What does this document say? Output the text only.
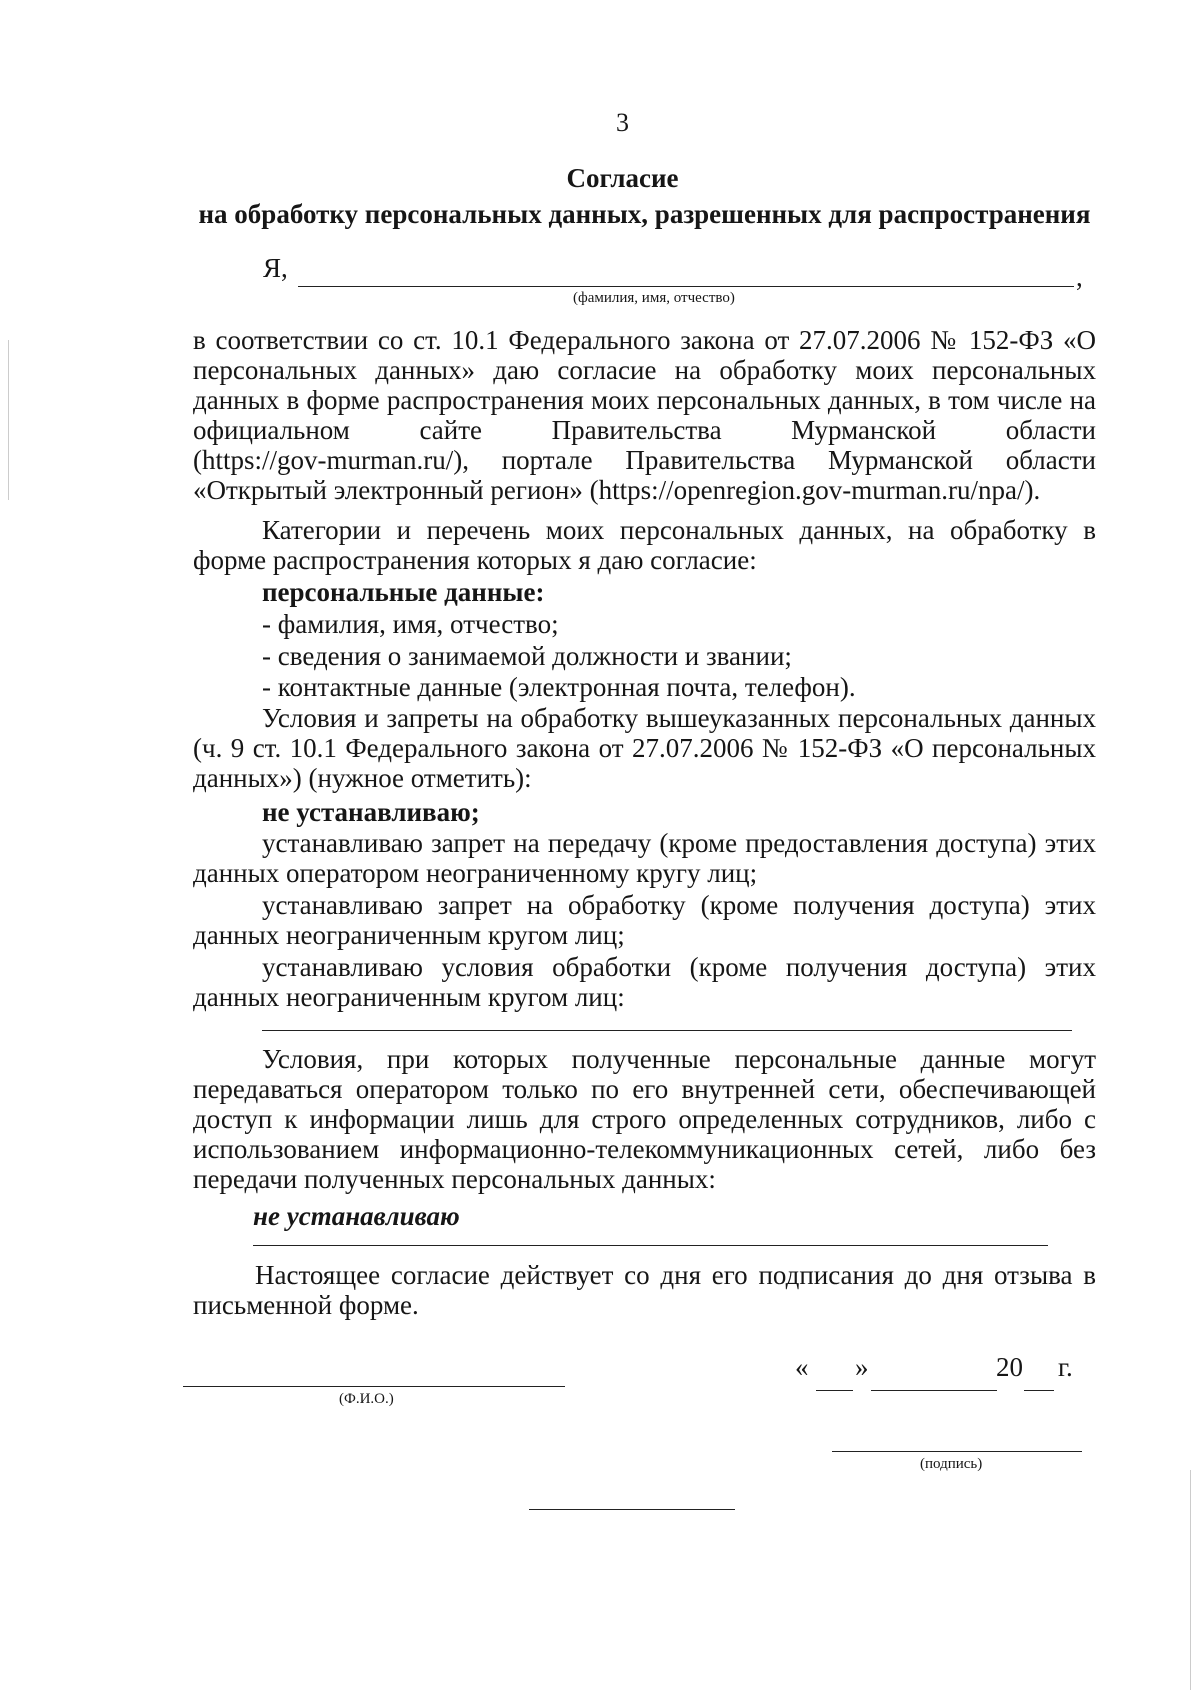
3
Согласие
на обработку персональных данных, разрешенных для распространения
Я,	,
(фамилия, имя, отчество)
в соответствии со ст. 10.1 Федерального закона от 27.07.2006 № 152-ФЗ «О
персональных данных» даю согласие на обработку моих персональных
данных в форме распространения моих персональных данных, в том числе на
официальном сайте Правительства Мурманской области
(https://gov-murman.ru/), портале Правительства Мурманской области
«Открытый электронный регион» (https://openregion.gov-murman.ru/npa/).
Категории и перечень моих персональных данных, на обработку в
форме распространения которых я даю согласие:
персональные данные:
- фамилия, имя, отчество;
- сведения о занимаемой должности и звании;
- контактные данные (электронная почта, телефон).
Условия и запреты на обработку вышеуказанных персональных данных
(ч. 9 ст. 10.1 Федерального закона от 27.07.2006 № 152-ФЗ «О персональных
данных») (нужное отметить):
не устанавливаю;
устанавливаю запрет на передачу (кроме предоставления доступа) этих
данных оператором неограниченному кругу лиц;
устанавливаю запрет на обработку (кроме получения доступа) этих
данных неограниченным кругом лиц;
устанавливаю условия обработки (кроме получения доступа) этих
данных неограниченным кругом лиц:
Условия, при которых полученные персональные данные могут
передаваться оператором только по его внутренней сети, обеспечивающей
доступ к информации лишь для строго определенных сотрудников, либо с
использованием информационно-телекоммуникационных сетей, либо без
передачи полученных персональных данных:
не устанавливаю
Настоящее согласие действует со дня его подписания до дня отзыва в
письменной форме.
« »	20 г.
(Ф.И.О.)
(подпись)
